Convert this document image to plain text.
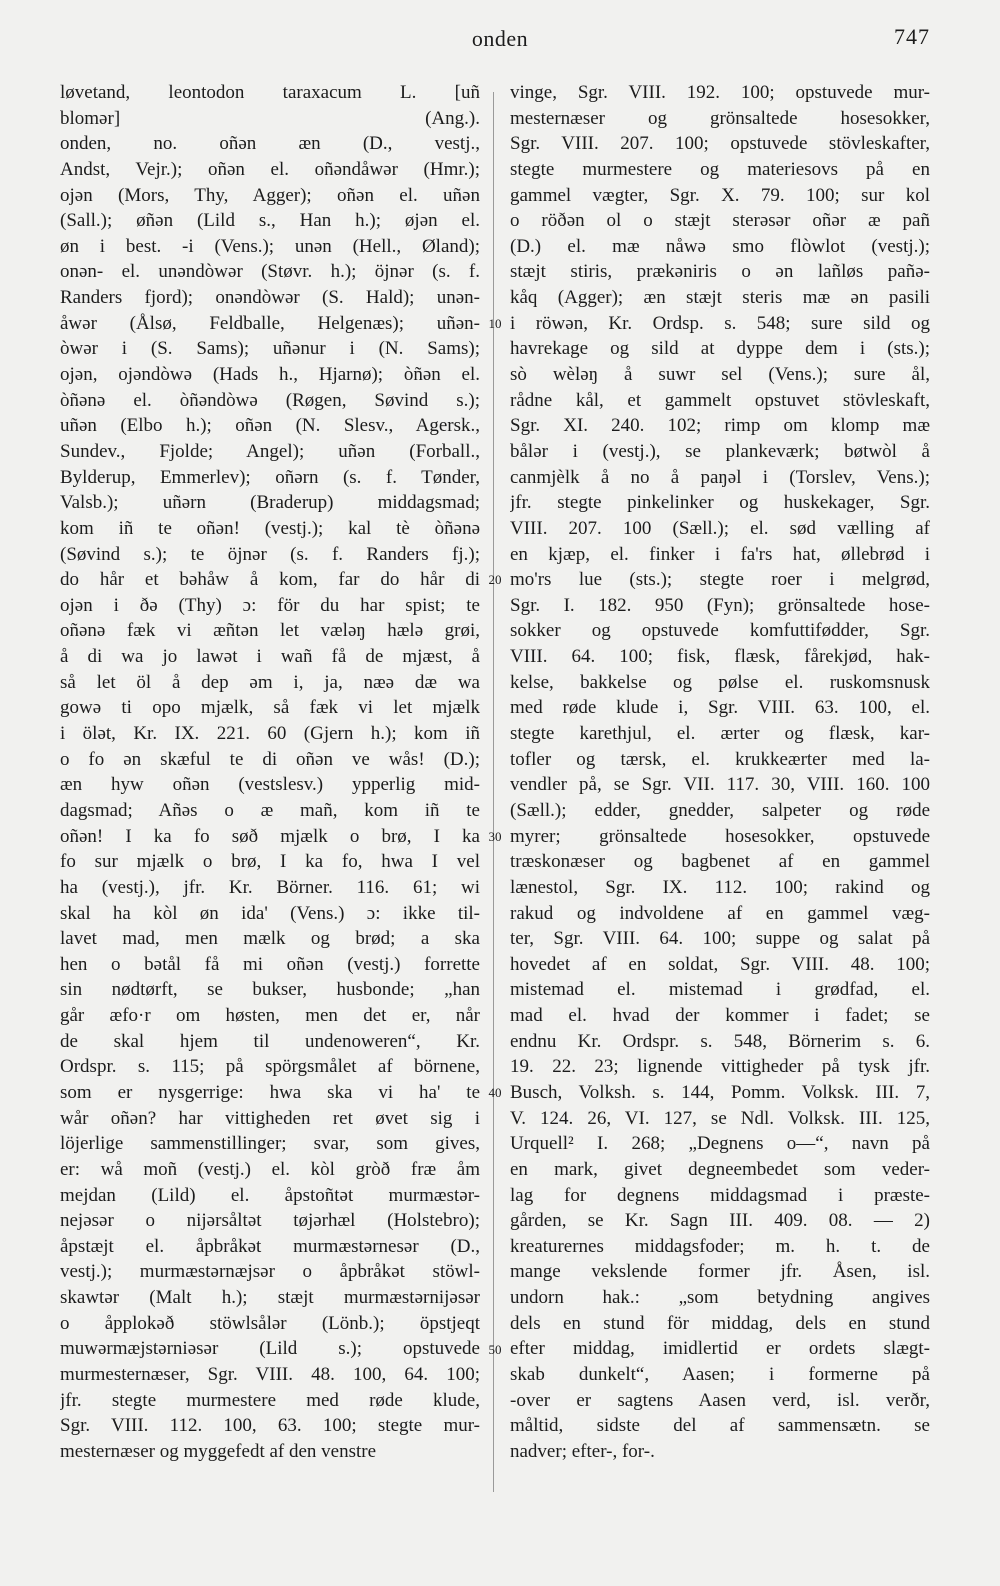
onden	747
løvetand, leontodon taraxacum L. [uñ
blomər] (Ang.).
onden, no. oñən æn (D., vestj.,
Andst, Vejr.); oñən el. oñəndåwər (Hmr.);
ojən (Mors, Thy, Agger); oñən el. uñən
(Sall.); øñən (Lild s., Han h.); øjən el.
øn i best. -i (Vens.); unən (Hell., Øland);
onən- el. unəndòwər (Støvr. h.); öjnər (s. f.
Randers fjord); onəndòwər (S. Hald); unən-
åwər (Ålsø, Feldballe, Helgenæs); uñən-
òwər i (S. Sams); uñənur i (N. Sams);
ojən, ojəndòwə (Hads h., Hjarnø); òñən el.
òñənə el. òñəndòwə (Røgen, Søvind s.);
uñən (Elbo h.); oñən (N. Slesv., Agersk.,
Sundev., Fjolde; Angel); uñən (Forball.,
Bylderup, Emmerlev); oñərn (s. f. Tønder,
Valsb.); uñərn (Braderup) middagsmad;
kom iñ te oñən! (vestj.); kal tè òñənə
(Søvind s.); te öjnər (s. f. Randers fj.);
do hår et bəhåw å kom, far do hår di
ojən i ðə (Thy) ɔ: för du har spist; te
oñənə fæk vi æñtən let væləŋ hælə grøi,
å di wa jo lawət i wañ få de mjæst, å
så let öl å dep əm i, ja, næə dæ wa
gowə ti opo mjælk, så fæk vi let mjælk
i ölət, Kr. IX. 221. 60 (Gjern h.); kom iñ
o fo ən skæful te di oñən ve wås! (D.);
æn hyw oñən (vestslesv.) ypperlig mid-
dagsmad; Añəs o æ mañ, kom iñ te
oñən! I ka fo søð mjælk o brø, I ka
fo sur mjælk o brø, I ka fo, hwa I vel
ha (vestj.), jfr. Kr. Börner. 116. 61; wi
skal ha kòl øn ida' (Vens.) ɔ: ikke til-
lavet mad, men mælk og brød; a ska
hen o bətål få mi oñən (vestj.) forrette
sin nødtørft, se bukser, husbonde; „han
går æfo·r om høsten, men det er, når
de skal hjem til undenoweren“, Kr.
Ordspr. s. 115; på spörgsmålet af börnene,
som er nysgerrige: hwa ska vi ha' te
wår oñən? har vittigheden ret øvet sig i
löjerlige sammenstillinger; svar, som gives,
er: wå moñ (vestj.) el. kòl gròð fræ åm
mejdan (Lild) el. åpstoñtət murmæstər-
nejəsər o nijərsåltət tøjərhæl (Holstebro);
åpstæjt el. åpbråkət murmæstərnesər (D.,
vestj.); murmæstərnæjsər o åpbråkət stöwl-
skawtər (Malt h.); stæjt murmæstərnijəsər
o åpplokəð stöwlsålər (Lönb.); öpstjeqt
muwərmæjstərniəsər (Lild s.); opstuvede
murmesternæser, Sgr. VIII. 48. 100, 64. 100;
jfr. stegte murmestere med røde klude,
Sgr. VIII. 112. 100, 63. 100; stegte mur-
mesternæser og myggefedt af den venstre
vinge, Sgr. VIII. 192. 100; opstuvede mur-
mesternæser og grönsaltede hosesokker,
Sgr. VIII. 207. 100; opstuvede stövleskafter,
stegte murmestere og materiesovs på en
gammel vægter, Sgr. X. 79. 100; sur kol
o röðən ol o stæjt sterəsər oñər æ pañ
(D.) el. mæ nåwə smo flòwlot (vestj.);
stæjt stiris, prækəniris o ən lañløs pañə-
kåq (Agger); æn stæjt steris mæ ən pasili
i röwən, Kr. Ordsp. s. 548; sure sild og
havrekage og sild at dyppe dem i (sts.);
sò wèləŋ å suwr sel (Vens.); sure ål,
rådne kål, et gammelt opstuvet stövleskaft,
Sgr. XI. 240. 102; rimp om klomp mæ
bålər i (vestj.), se plankeværk; bøtwòl å
canmjèlk å no å paŋəl i (Torslev, Vens.);
jfr. stegte pinkelinker og huskekager, Sgr.
VIII. 207. 100 (Sæll.); el. sød vælling af
en kjæp, el. finker i fa'rs hat, øllebrød i
mo'rs lue (sts.); stegte roer i melgrød,
Sgr. I. 182. 950 (Fyn); grönsaltede hose-
sokker og opstuvede komfuttifødder, Sgr.
VIII. 64. 100; fisk, flæsk, fårekjød, hak-
kelse, bakkelse og pølse el. ruskomsnusk
med røde klude i, Sgr. VIII. 63. 100, el.
stegte karethjul, el. ærter og flæsk, kar-
tofler og tærsk, el. krukkeærter med la-
vendler på, se Sgr. VII. 117. 30, VIII. 160. 100
(Sæll.); edder, gnedder, salpeter og røde
myrer; grönsaltede hosesokker, opstuvede
træskonæser og bagbenet af en gammel
lænestol, Sgr. IX. 112. 100; rakind og
rakud og indvoldene af en gammel væg-
ter, Sgr. VIII. 64. 100; suppe og salat på
hovedet af en soldat, Sgr. VIII. 48. 100;
mistemad el. mistemad i grødfad, el.
mad el. hvad der kommer i fadet; se
endnu Kr. Ordspr. s. 548, Börnerim s. 6.
19. 22. 23; lignende vittigheder på tysk jfr.
Busch, Volksh. s. 144, Pomm. Volksk. III. 7,
V. 124. 26, VI. 127, se Ndl. Volksk. III. 125,
Urquell² I. 268; „Degnens o—“, navn på
en mark, givet degneembedet som veder-
lag for degnens middagsmad i præste-
gården, se Kr. Sagn III. 409. 08. — 2)
kreaturernes middagsfoder; m. h. t. de
mange vekslende former jfr. Åsen, isl.
undorn hak.: „som betydning angives
dels en stund för middag, dels en stund
efter middag, imidlertid er ordets slægt-
skab dunkelt“, Aasen; i formerne på
-over er sagtens Aasen verd, isl. verðr,
måltid, sidste del af sammensætn. se
nadver; efter-, for-.
10
20
30
40
50
